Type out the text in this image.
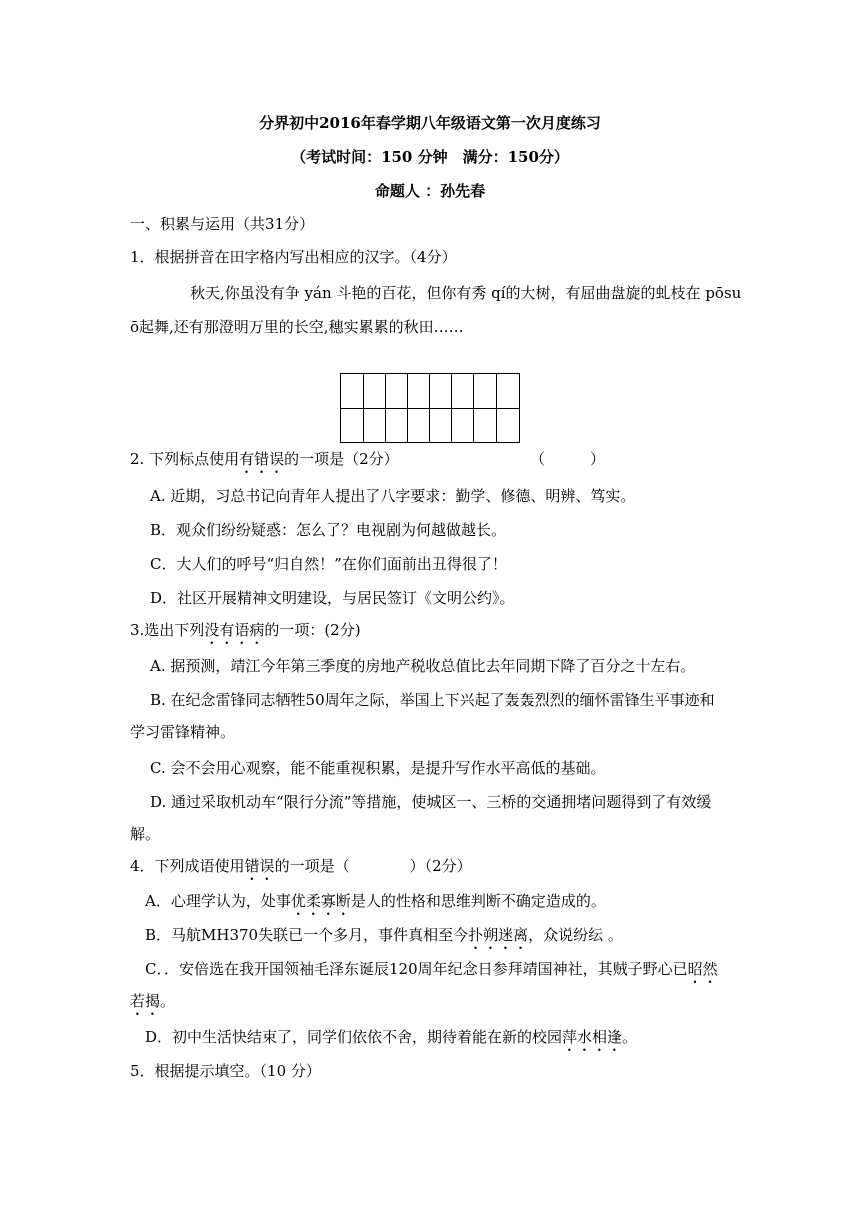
分界初中2016年春学期八年级语文第一次月度练习
（考试时间：150 分钟　满分：150分）
命题人 ：孙先春
一、积累与运用（共31分）
1．根据拼音在田字格内写出相应的汉字。（4分）
秋天,你虽没有争 yán 斗艳的百花，但你有秀 qí的大树，有屈曲盘旋的虬枝在 pōsu
ō起舞,还有那澄明万里的长空,穗实累累的秋田……
2. 下列标点使用有错误的一项是（2分）	（　　　）
A. 近期，习总书记向青年人提出了八字要求：勤学、修德、明辨、笃实。
B．观众们纷纷疑惑：怎么了？电视剧为何越做越长。
C．大人们的呼号“归自然！”在你们面前出丑得很了！
D．社区开展精神文明建设，与居民签订《文明公约》。
3.选出下列没有语病的一项：(2分)
A. 据预测，靖江今年第三季度的房地产税收总值比去年同期下降了百分之十左右。
B. 在纪念雷锋同志牺牲50周年之际，举国上下兴起了轰轰烈烈的缅怀雷锋生平事迹和
学习雷锋精神。
C. 会不会用心观察，能不能重视积累，是提升写作水平高低的基础。
D. 通过采取机动车“限行分流”等措施，使城区一、三桥的交通拥堵问题得到了有效缓
解。
4．下列成语使用错误的一项是（　　　　）（2分）
A．心理学认为，处事优柔寡断是人的性格和思维判断不确定造成的。
B．马航MH370失联已一个多月，事件真相至今扑朔迷离，众说纷纭 。
C．．安倍选在我开国领袖毛泽东诞辰120周年纪念日参拜靖国神社，其贼子野心已昭然
若揭。
D．初中生活快结束了，同学们依依不舍，期待着能在新的校园萍水相逢。
5．根据提示填空。（10 分）
